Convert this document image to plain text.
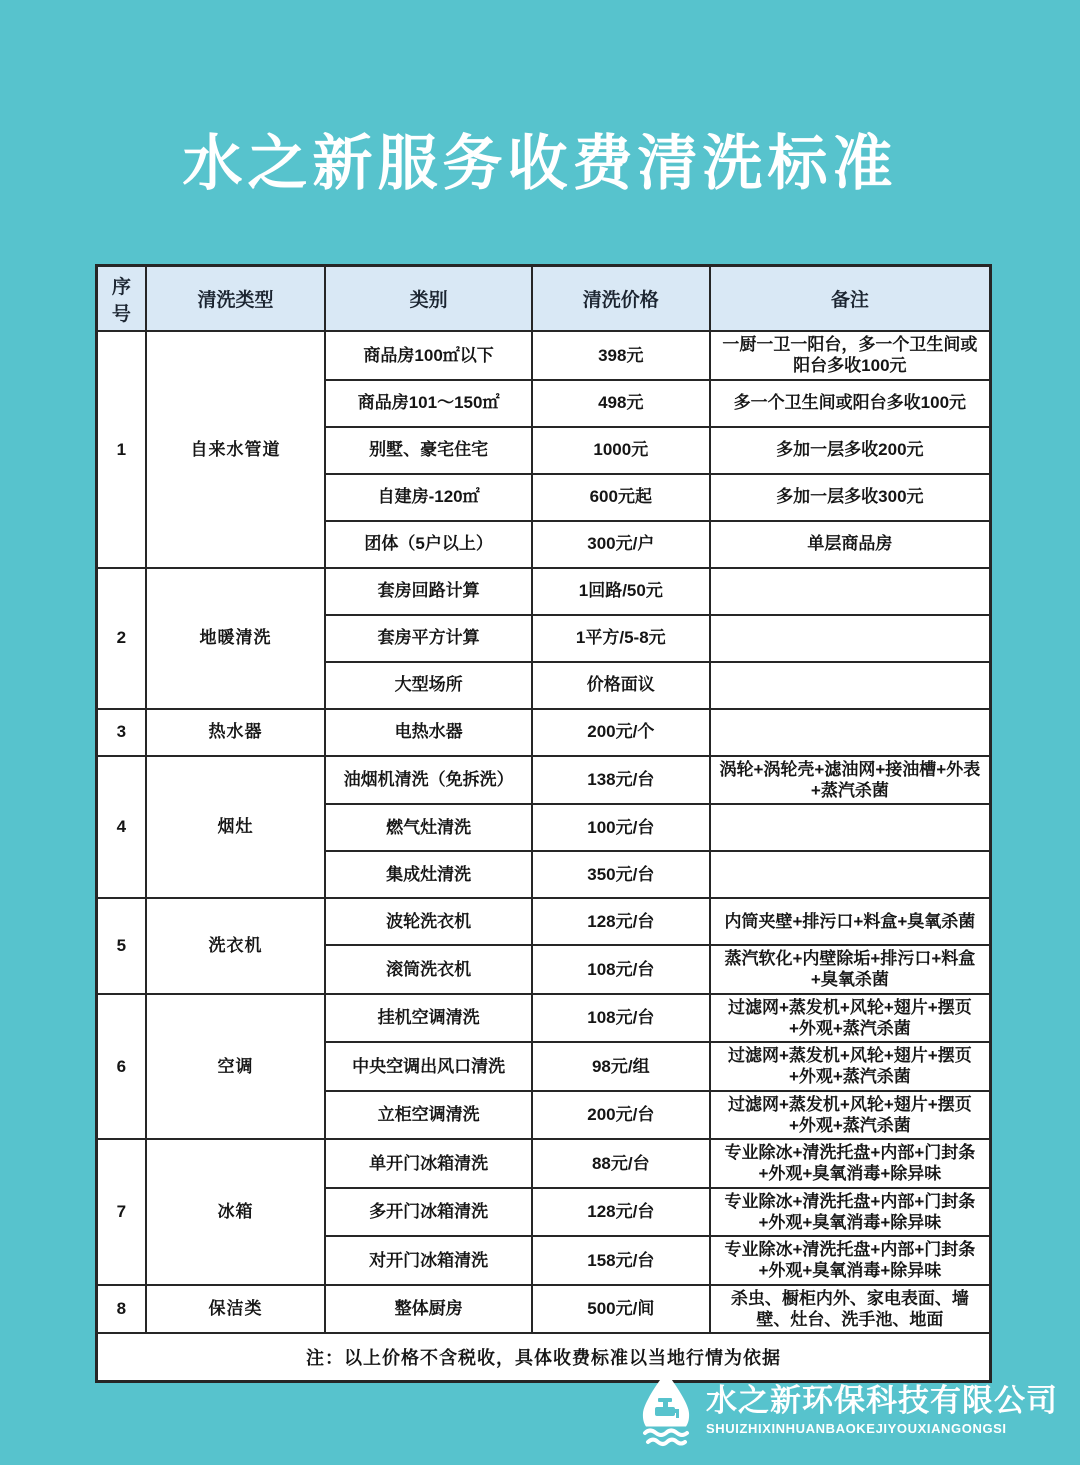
水之新服务收费清洗标准
序号	清洗类型	类别	清洗价格	备注
1	自来水管道	商品房100㎡以下	398元	一厨一卫一阳台，多一个卫生间或阳台多收100元
		商品房101～150㎡	498元	多一个卫生间或阳台多收100元
		别墅、豪宅住宅	1000元	多加一层多收200元
		自建房-120㎡	600元起	多加一层多收300元
		团体（5户以上）	300元/户	单层商品房
2	地暖清洗	套房回路计算	1回路/50元	
		套房平方计算	1平方/5-8元	
		大型场所	价格面议	
3	热水器	电热水器	200元/个	
4	烟灶	油烟机清洗（免拆洗）	138元/台	涡轮+涡轮壳+滤油网+接油槽+外表+蒸汽杀菌
		燃气灶清洗	100元/台	
		集成灶清洗	350元/台	
5	洗衣机	波轮洗衣机	128元/台	内筒夹壁+排污口+料盒+臭氧杀菌
		滚筒洗衣机	108元/台	蒸汽软化+内壁除垢+排污口+料盒+臭氧杀菌
6	空调	挂机空调清洗	108元/台	过滤网+蒸发机+风轮+翅片+摆页+外观+蒸汽杀菌
		中央空调出风口清洗	98元/组	过滤网+蒸发机+风轮+翅片+摆页+外观+蒸汽杀菌
		立柜空调清洗	200元/台	过滤网+蒸发机+风轮+翅片+摆页+外观+蒸汽杀菌
7	冰箱	单开门冰箱清洗	88元/台	专业除冰+清洗托盘+内部+门封条+外观+臭氧消毒+除异味
		多开门冰箱清洗	128元/台	专业除冰+清洗托盘+内部+门封条+外观+臭氧消毒+除异味
		对开门冰箱清洗	158元/台	专业除冰+清洗托盘+内部+门封条+外观+臭氧消毒+除异味
8	保洁类	整体厨房	500元/间	杀虫、橱柜内外、家电表面、墙壁、灶台、洗手池、地面
注：以上价格不含税收，具体收费标准以当地行情为依据				
水之新环保科技有限公司
SHUIZHIXINHUANBAOKEJIYOUXIANGONGSI
